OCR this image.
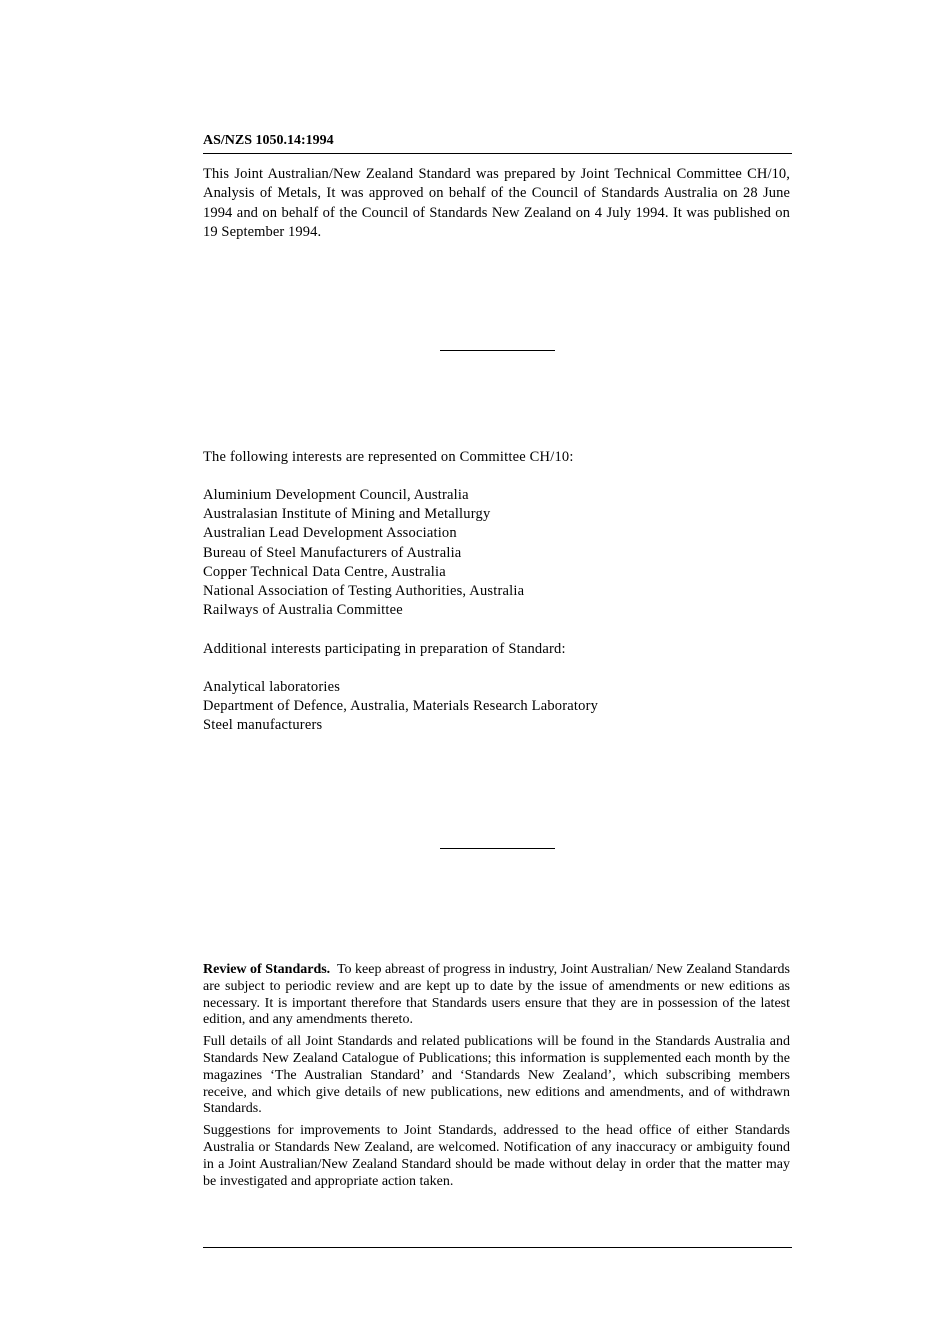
AS/NZS 1050.14:1994
This Joint Australian/New Zealand Standard was prepared by Joint Technical Committee CH/10, Analysis of Metals, It was approved on behalf of the Council of Standards Australia on 28 June 1994 and on behalf of the Council of Standards New Zealand on 4 July 1994. It was published on 19 September 1994.
The following interests are represented on Committee CH/10:
Aluminium Development Council, Australia
Australasian Institute of Mining and Metallurgy
Australian Lead Development Association
Bureau of Steel Manufacturers of Australia
Copper Technical Data Centre, Australia
National Association of Testing Authorities, Australia
Railways of Australia Committee
Additional interests participating in preparation of Standard:
Analytical laboratories
Department of Defence, Australia, Materials Research Laboratory
Steel manufacturers

Review of Standards. To keep abreast of progress in industry, Joint Australian/ New Zealand Standards are subject to periodic review and are kept up to date by the issue of amendments or new editions as necessary. It is important therefore that Standards users ensure that they are in possession of the latest edition, and any amendments thereto.

Full details of all Joint Standards and related publications will be found in the Standards Australia and Standards New Zealand Catalogue of Publications; this information is supplemented each month by the magazines ‘The Australian Standard’ and ‘Standards New Zealand’, which subscribing members receive, and which give details of new publications, new editions and amendments, and of withdrawn Standards.

Suggestions for improvements to Joint Standards, addressed to the head office of either Standards Australia or Standards New Zealand, are welcomed. Notification of any inaccuracy or ambiguity found in a Joint Australian/New Zealand Standard should be made without delay in order that the matter may be investigated and appropriate action taken.
